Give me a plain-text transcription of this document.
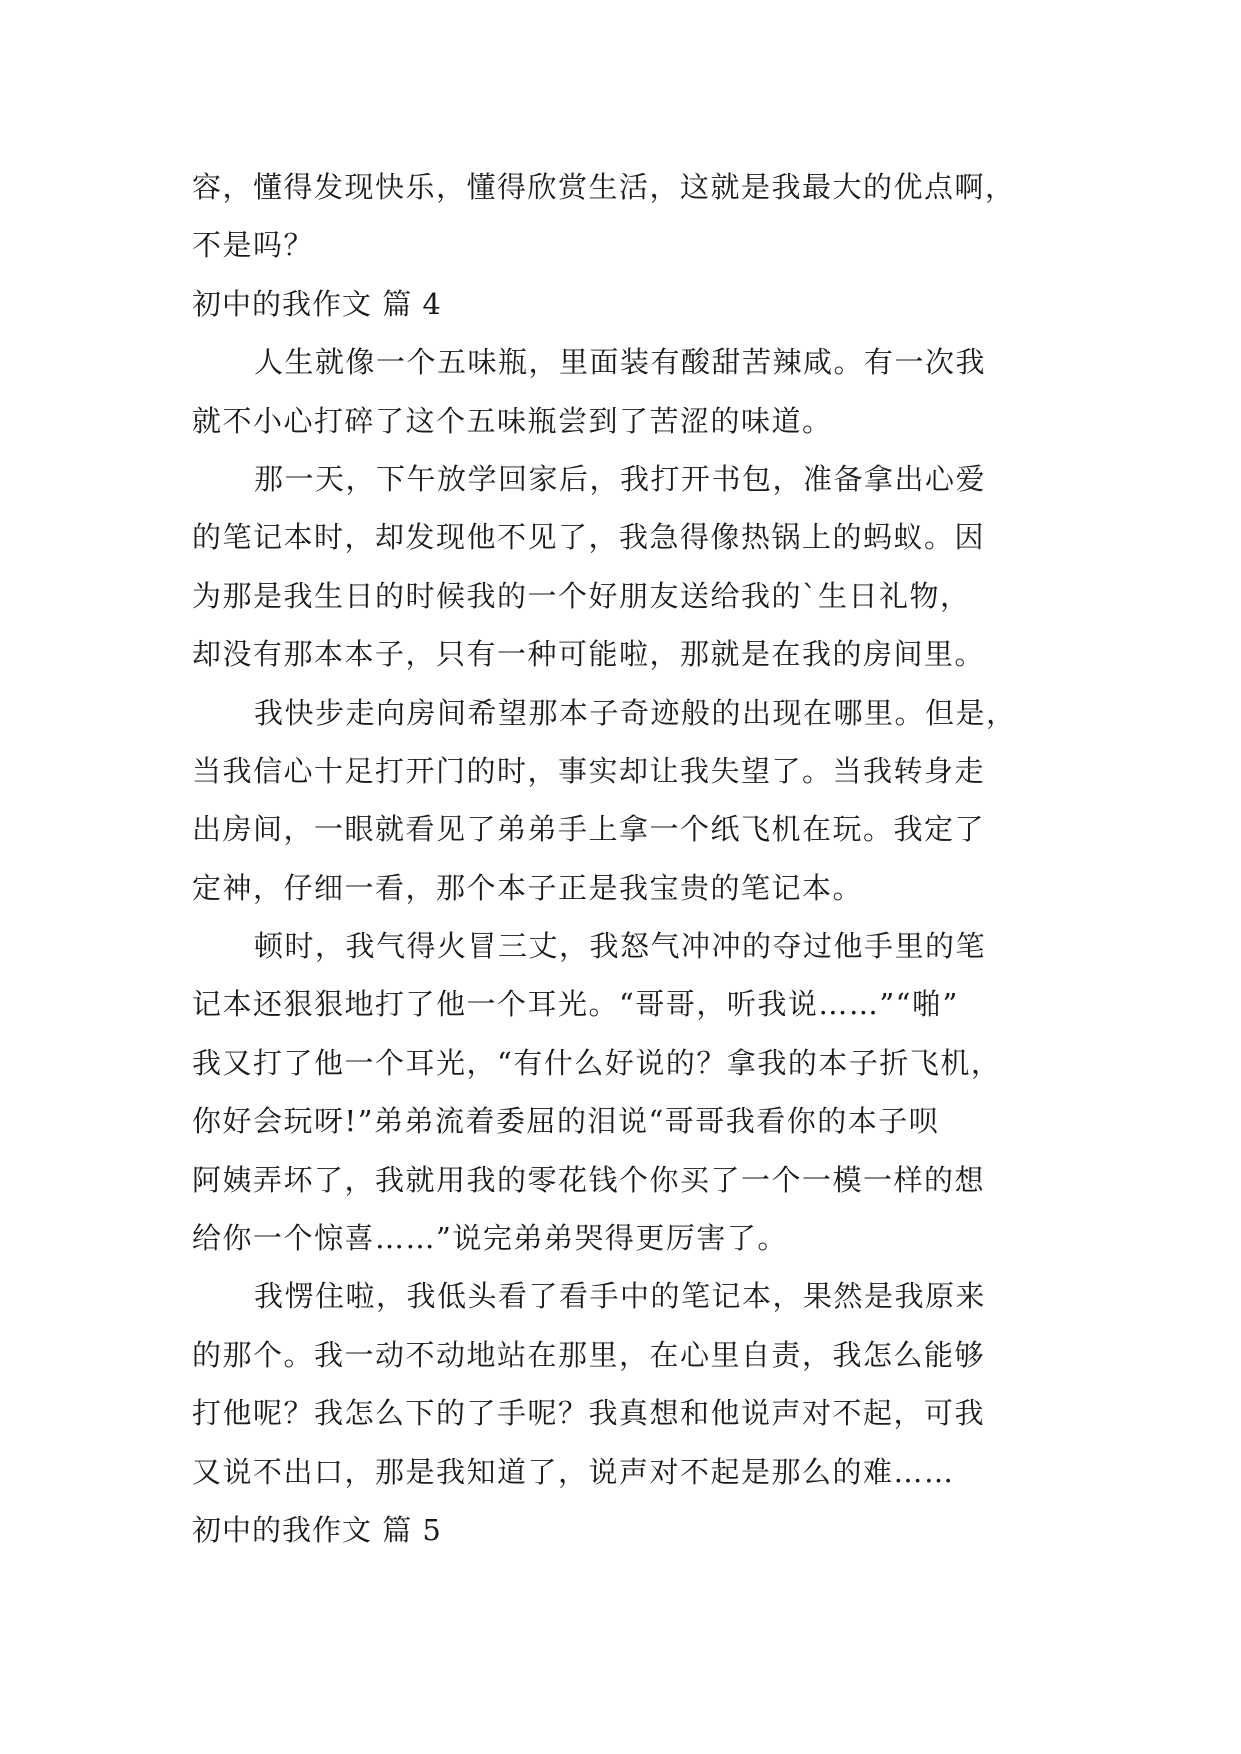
容，懂得发现快乐，懂得欣赏生活，这就是我最大的优点啊，
不是吗？
初中的我作文 篇 4
人生就像一个五味瓶，里面装有酸甜苦辣咸。有一次我
就不小心打碎了这个五味瓶尝到了苦涩的味道。
那一天，下午放学回家后，我打开书包，准备拿出心爱
的笔记本时，却发现他不见了，我急得像热锅上的蚂蚁。因
为那是我生日的时候我的一个好朋友送给我的`生日礼物，
却没有那本本子，只有一种可能啦，那就是在我的房间里。
我快步走向房间希望那本子奇迹般的出现在哪里。但是，
当我信心十足打开门的时，事实却让我失望了。当我转身走
出房间，一眼就看见了弟弟手上拿一个纸飞机在玩。我定了
定神，仔细一看，那个本子正是我宝贵的笔记本。
顿时，我气得火冒三丈，我怒气冲冲的夺过他手里的笔
记本还狠狠地打了他一个耳光。“哥哥，听我说……”“啪”
我又打了他一个耳光，“有什么好说的？拿我的本子折飞机，
你好会玩呀!”弟弟流着委屈的泪说“哥哥我看你的本子呗
阿姨弄坏了，我就用我的零花钱个你买了一个一模一样的想
给你一个惊喜……”说完弟弟哭得更厉害了。
我愣住啦，我低头看了看手中的笔记本，果然是我原来
的那个。我一动不动地站在那里，在心里自责，我怎么能够
打他呢？我怎么下的了手呢？我真想和他说声对不起，可我
又说不出口，那是我知道了，说声对不起是那么的难……
初中的我作文 篇 5
